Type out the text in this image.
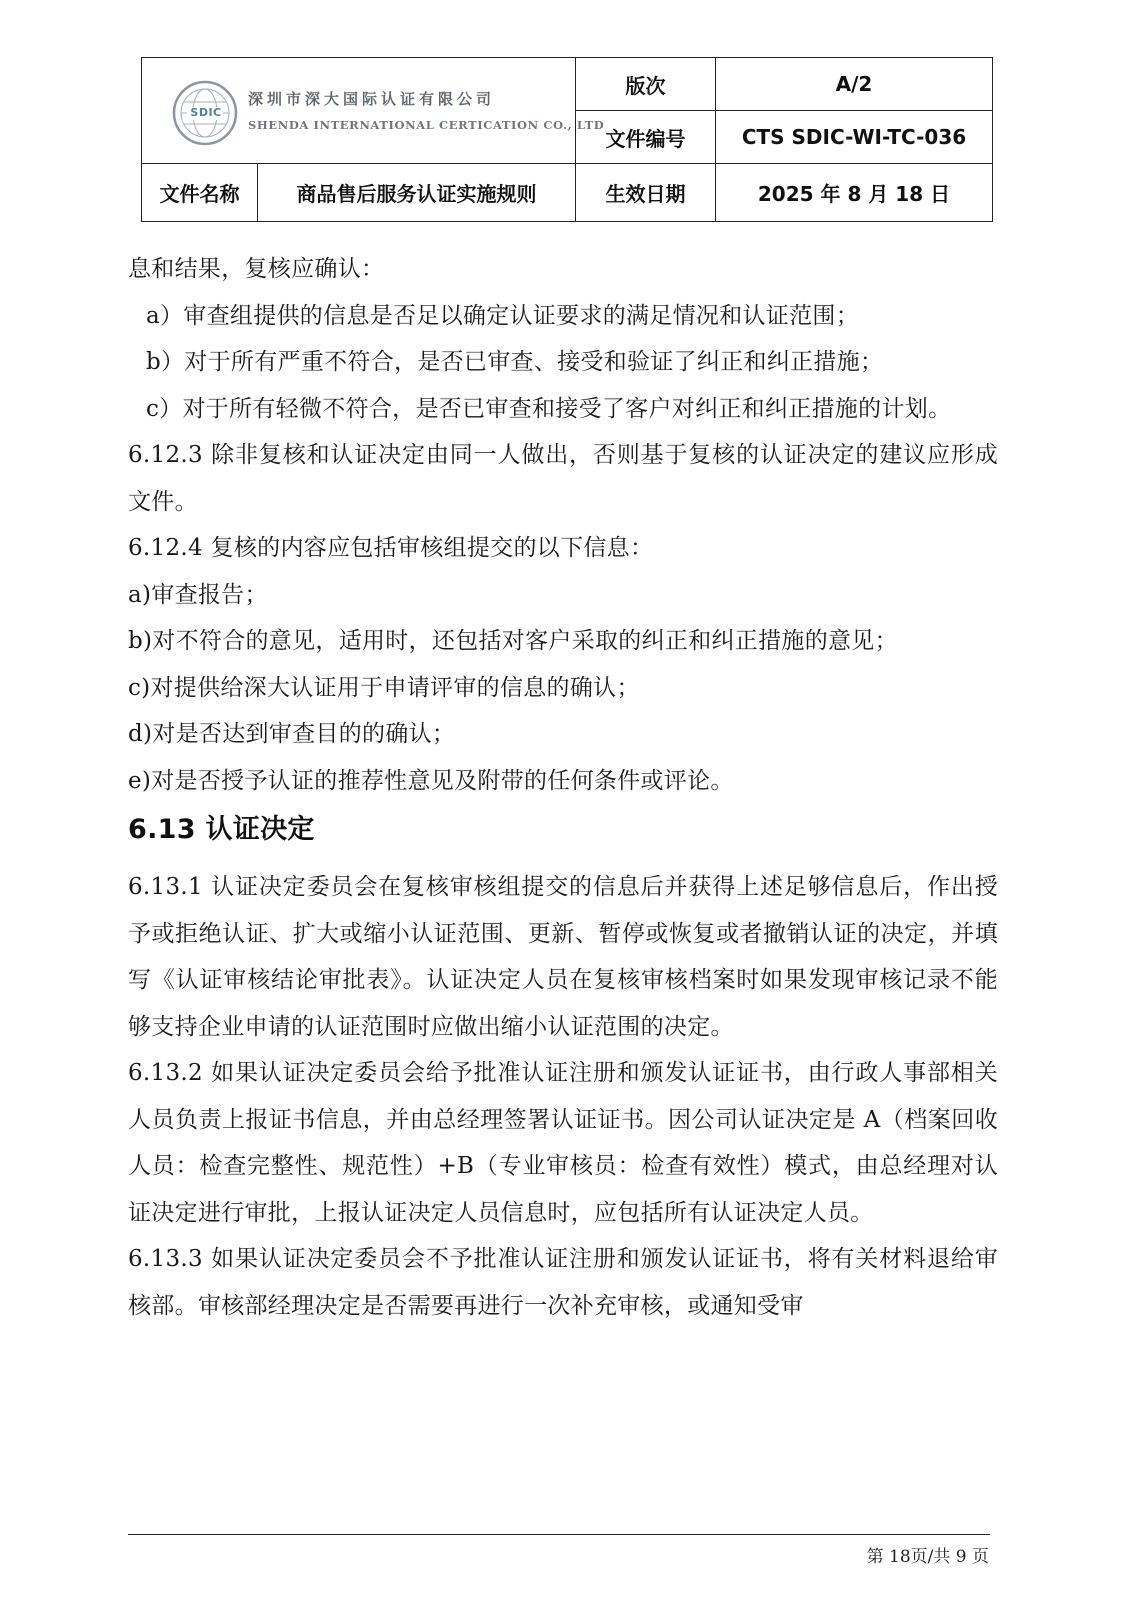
SDIC
深圳市深大国际认证有限公司
SHENDA INTERNATIONAL CERTICATION CO., LTD		版次	A/2
		文件编号	CTS SDIC-WI-TC-036
文件名称	商品售后服务认证实施规则	生效日期	2025 年 8 月 18 日

息和结果，复核应确认：

a）审查组提供的信息是否足以确定认证要求的满足情况和认证范围；

b）对于所有严重不符合，是否已审查、接受和验证了纠正和纠正措施；

c）对于所有轻微不符合，是否已审查和接受了客户对纠正和纠正措施的计划。

6.12.3 除非复核和认证决定由同一人做出，否则基于复核的认证决定的建议应形成文件。

6.12.4 复核的内容应包括审核组提交的以下信息：

a)审查报告；

b)对不符合的意见，适用时，还包括对客户采取的纠正和纠正措施的意见；

c)对提供给深大认证用于申请评审的信息的确认；

d)对是否达到审查目的的确认；

e)对是否授予认证的推荐性意见及附带的任何条件或评论。

6.13 认证决定

6.13.1 认证决定委员会在复核审核组提交的信息后并获得上述足够信息后，作出授予或拒绝认证、扩大或缩小认证范围、更新、暂停或恢复或者撤销认证的决定，并填写《认证审核结论审批表》。认证决定人员在复核审核档案时如果发现审核记录不能够支持企业申请的认证范围时应做出缩小认证范围的决定。

6.13.2 如果认证决定委员会给予批准认证注册和颁发认证证书，由行政人事部相关人员负责上报证书信息，并由总经理签署认证证书。因公司认证决定是 A（档案回收人员：检查完整性、规范性）+B（专业审核员：检查有效性）模式，由总经理对认证决定进行审批，上报认证决定人员信息时，应包括所有认证决定人员。

6.13.3 如果认证决定委员会不予批准认证注册和颁发认证证书，将有关材料退给审核部。审核部经理决定是否需要再进行一次补充审核，或通知受审

第 18页/共 9 页
